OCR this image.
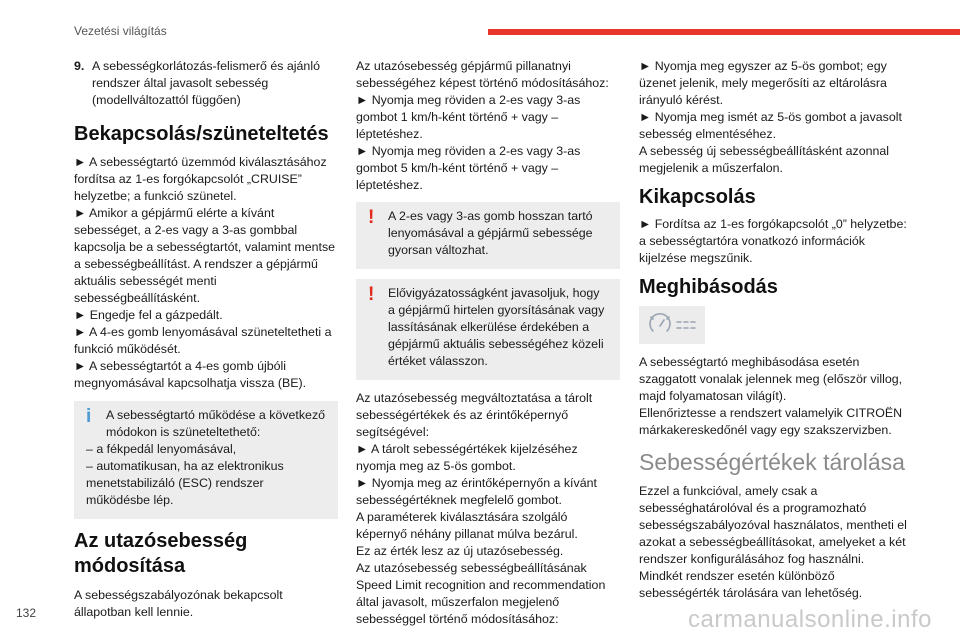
Vezetési világítás
9. A sebességkorlátozás-felismerő és ajánló rendszer által javasolt sebesség (modellváltozattól függően)
Bekapcsolás/szüneteltetés

► A sebességtartó üzemmód kiválasztásához fordítsa az 1-es forgókapcsolót „CRUISE” helyzetbe; a funkció szünetel.

► Amikor a gépjármű elérte a kívánt sebességet, a 2-es vagy a 3-as gombbal kapcsolja be a sebességtartót, valamint mentse a sebességbeállítást. A rendszer a gépjármű aktuális sebességét menti sebességbeállításként.

► Engedje fel a gázpedált.

► A 4-es gomb lenyomásával szüneteltetheti a funkció működését.

► A sebességtartót a 4-es gomb újbóli megnyomásával kapcsolhatja vissza (BE).

i	A sebességtartó működése a következő módokon is szüneteltethető:
– a fékpedál lenyomásával,
– automatikusan, ha az elektronikus menetstabilizáló (ESC) rendszer működésbe lép.
Az utazósebesség módosítása

A sebességszabályozónak bekapcsolt állapotban kell lennie.

Az utazósebesség gépjármű pillanatnyi sebességéhez képest történő módosításához:

► Nyomja meg röviden a 2-es vagy 3-as gombot 1 km/h-ként történő + vagy – léptetéshez.

► Nyomja meg röviden a 2-es vagy 3-as gombot 5 km/h-ként történő + vagy – léptetéshez.

!	A 2-es vagy 3-as gomb hosszan tartó lenyomásával a gépjármű sebessége gyorsan változhat.
!	Elővigyázatosságként javasoljuk, hogy a gépjármű hirtelen gyorsításának vagy lassításának elkerülése érdekében a gépjármű aktuális sebességéhez közeli értéket válasszon.

Az utazósebesség megváltoztatása a tárolt sebességértékek és az érintőképernyő segítségével:

► A tárolt sebességértékek kijelzéséhez nyomja meg az 5-ös gombot.

► Nyomja meg az érintőképernyőn a kívánt sebességértéknek megfelelő gombot.

A paraméterek kiválasztására szolgáló képernyő néhány pillanat múlva bezárul.

Ez az érték lesz az új utazósebesség.

Az utazósebesség sebességbeállításának Speed Limit recognition and recommendation által javasolt, műszerfalon megjelenő sebességgel történő módosításához:

► Nyomja meg egyszer az 5-ös gombot; egy üzenet jelenik, mely megerősíti az eltárolásra irányuló kérést.

► Nyomja meg ismét az 5-ös gombot a javasolt sebesség elmentéséhez.

A sebesség új sebességbeállításként azonnal megjelenik a műszerfalon.

Kikapcsolás

► Fordítsa az 1-es forgókapcsolót „0” helyzetbe: a sebességtartóra vonatkozó információk kijelzése megszűnik.

Meghibásodás

A sebességtartó meghibásodása esetén szaggatott vonalak jelennek meg (először villog, majd folyamatosan világít).

Ellenőriztesse a rendszert valamelyik CITROËN márkakereskedőnél vagy egy szakszervizben.

Sebességértékek tárolása

Ezzel a funkcióval, amely csak a sebességhatárolóval és a programozható sebességszabályozóval használatos, mentheti el azokat a sebességbeállításokat, amelyeket a két rendszer konfigurálásához fog használni.

Mindkét rendszer esetén különböző sebességérték tárolására van lehetőség.

132	carmanualsonline.info
